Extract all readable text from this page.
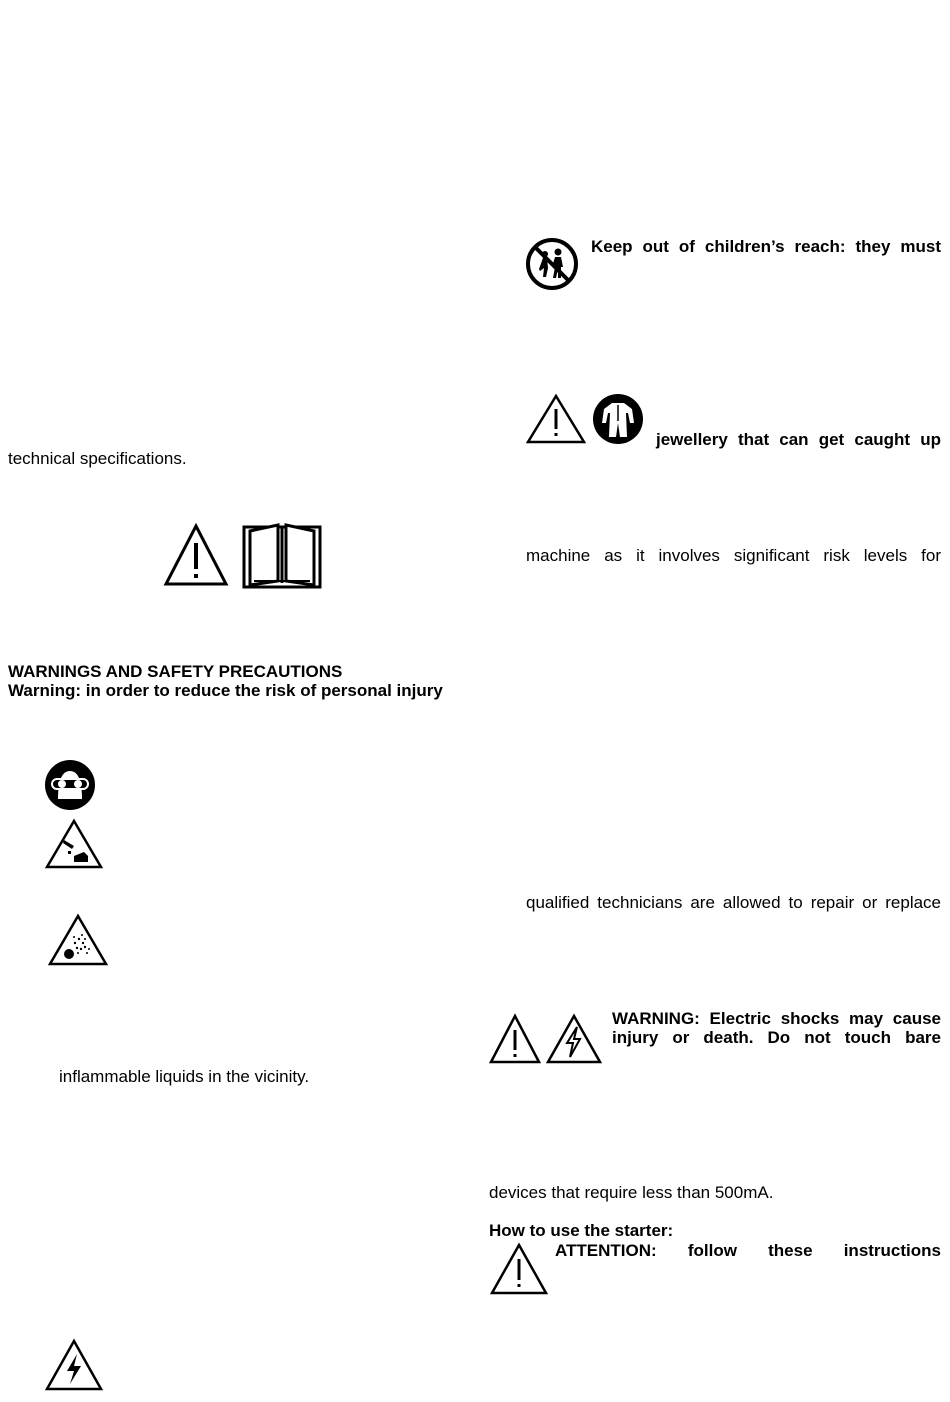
technical specifications.
WARNINGS AND SAFETY PRECAUTIONS
Warning: in order to reduce the risk of personal injury
inflammable liquids in the vicinity.
Keep out of children’s reach: they must
jewellery that can get caught up
machine as it involves significant risk levels for
qualified technicians are allowed to repair or replace
WARNING: Electric shocks may cause
injury or death. Do not touch bare
devices that require less than 500mA.
How to use the starter:
ATTENTION: follow these instructions
